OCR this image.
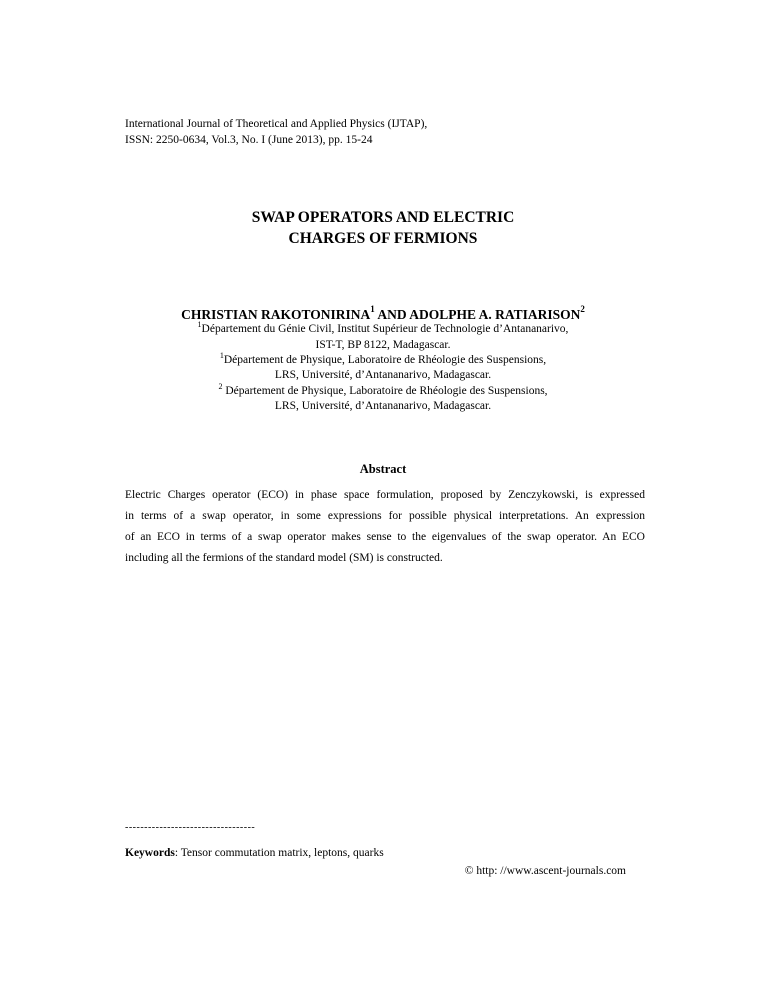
International Journal of Theoretical and Applied Physics (IJTAP),
ISSN: 2250-0634, Vol.3, No. I (June 2013), pp. 15-24
SWAP OPERATORS AND ELECTRIC
CHARGES OF FERMIONS
CHRISTIAN RAKOTONIRINA$^1$ AND ADOLPHE A. RATIARISON$^2$
$^1$Département du Génie Civil, Institut Supérieur de Technologie d’Antananarivo,
IST-T, BP 8122, Madagascar.
$^1$Département de Physique, Laboratoire de Rhéologie des Suspensions,
LRS, Université, d’Antananarivo, Madagascar.
$^2$ Département de Physique, Laboratoire de Rhéologie des Suspensions,
LRS, Université, d’Antananarivo, Madagascar.
Abstract
Electric Charges operator (ECO) in phase space formulation, proposed by Zenczykowski, is expressed
in terms of a swap operator, in some expressions for possible physical interpretations. An expression
of an ECO in terms of a swap operator makes sense to the eigenvalues of the swap operator. An ECO
including all the fermions of the standard model (SM) is constructed.
----------------------------------
Keywords: Tensor commutation matrix, leptons, quarks
© http: //www.ascent-journals.com
